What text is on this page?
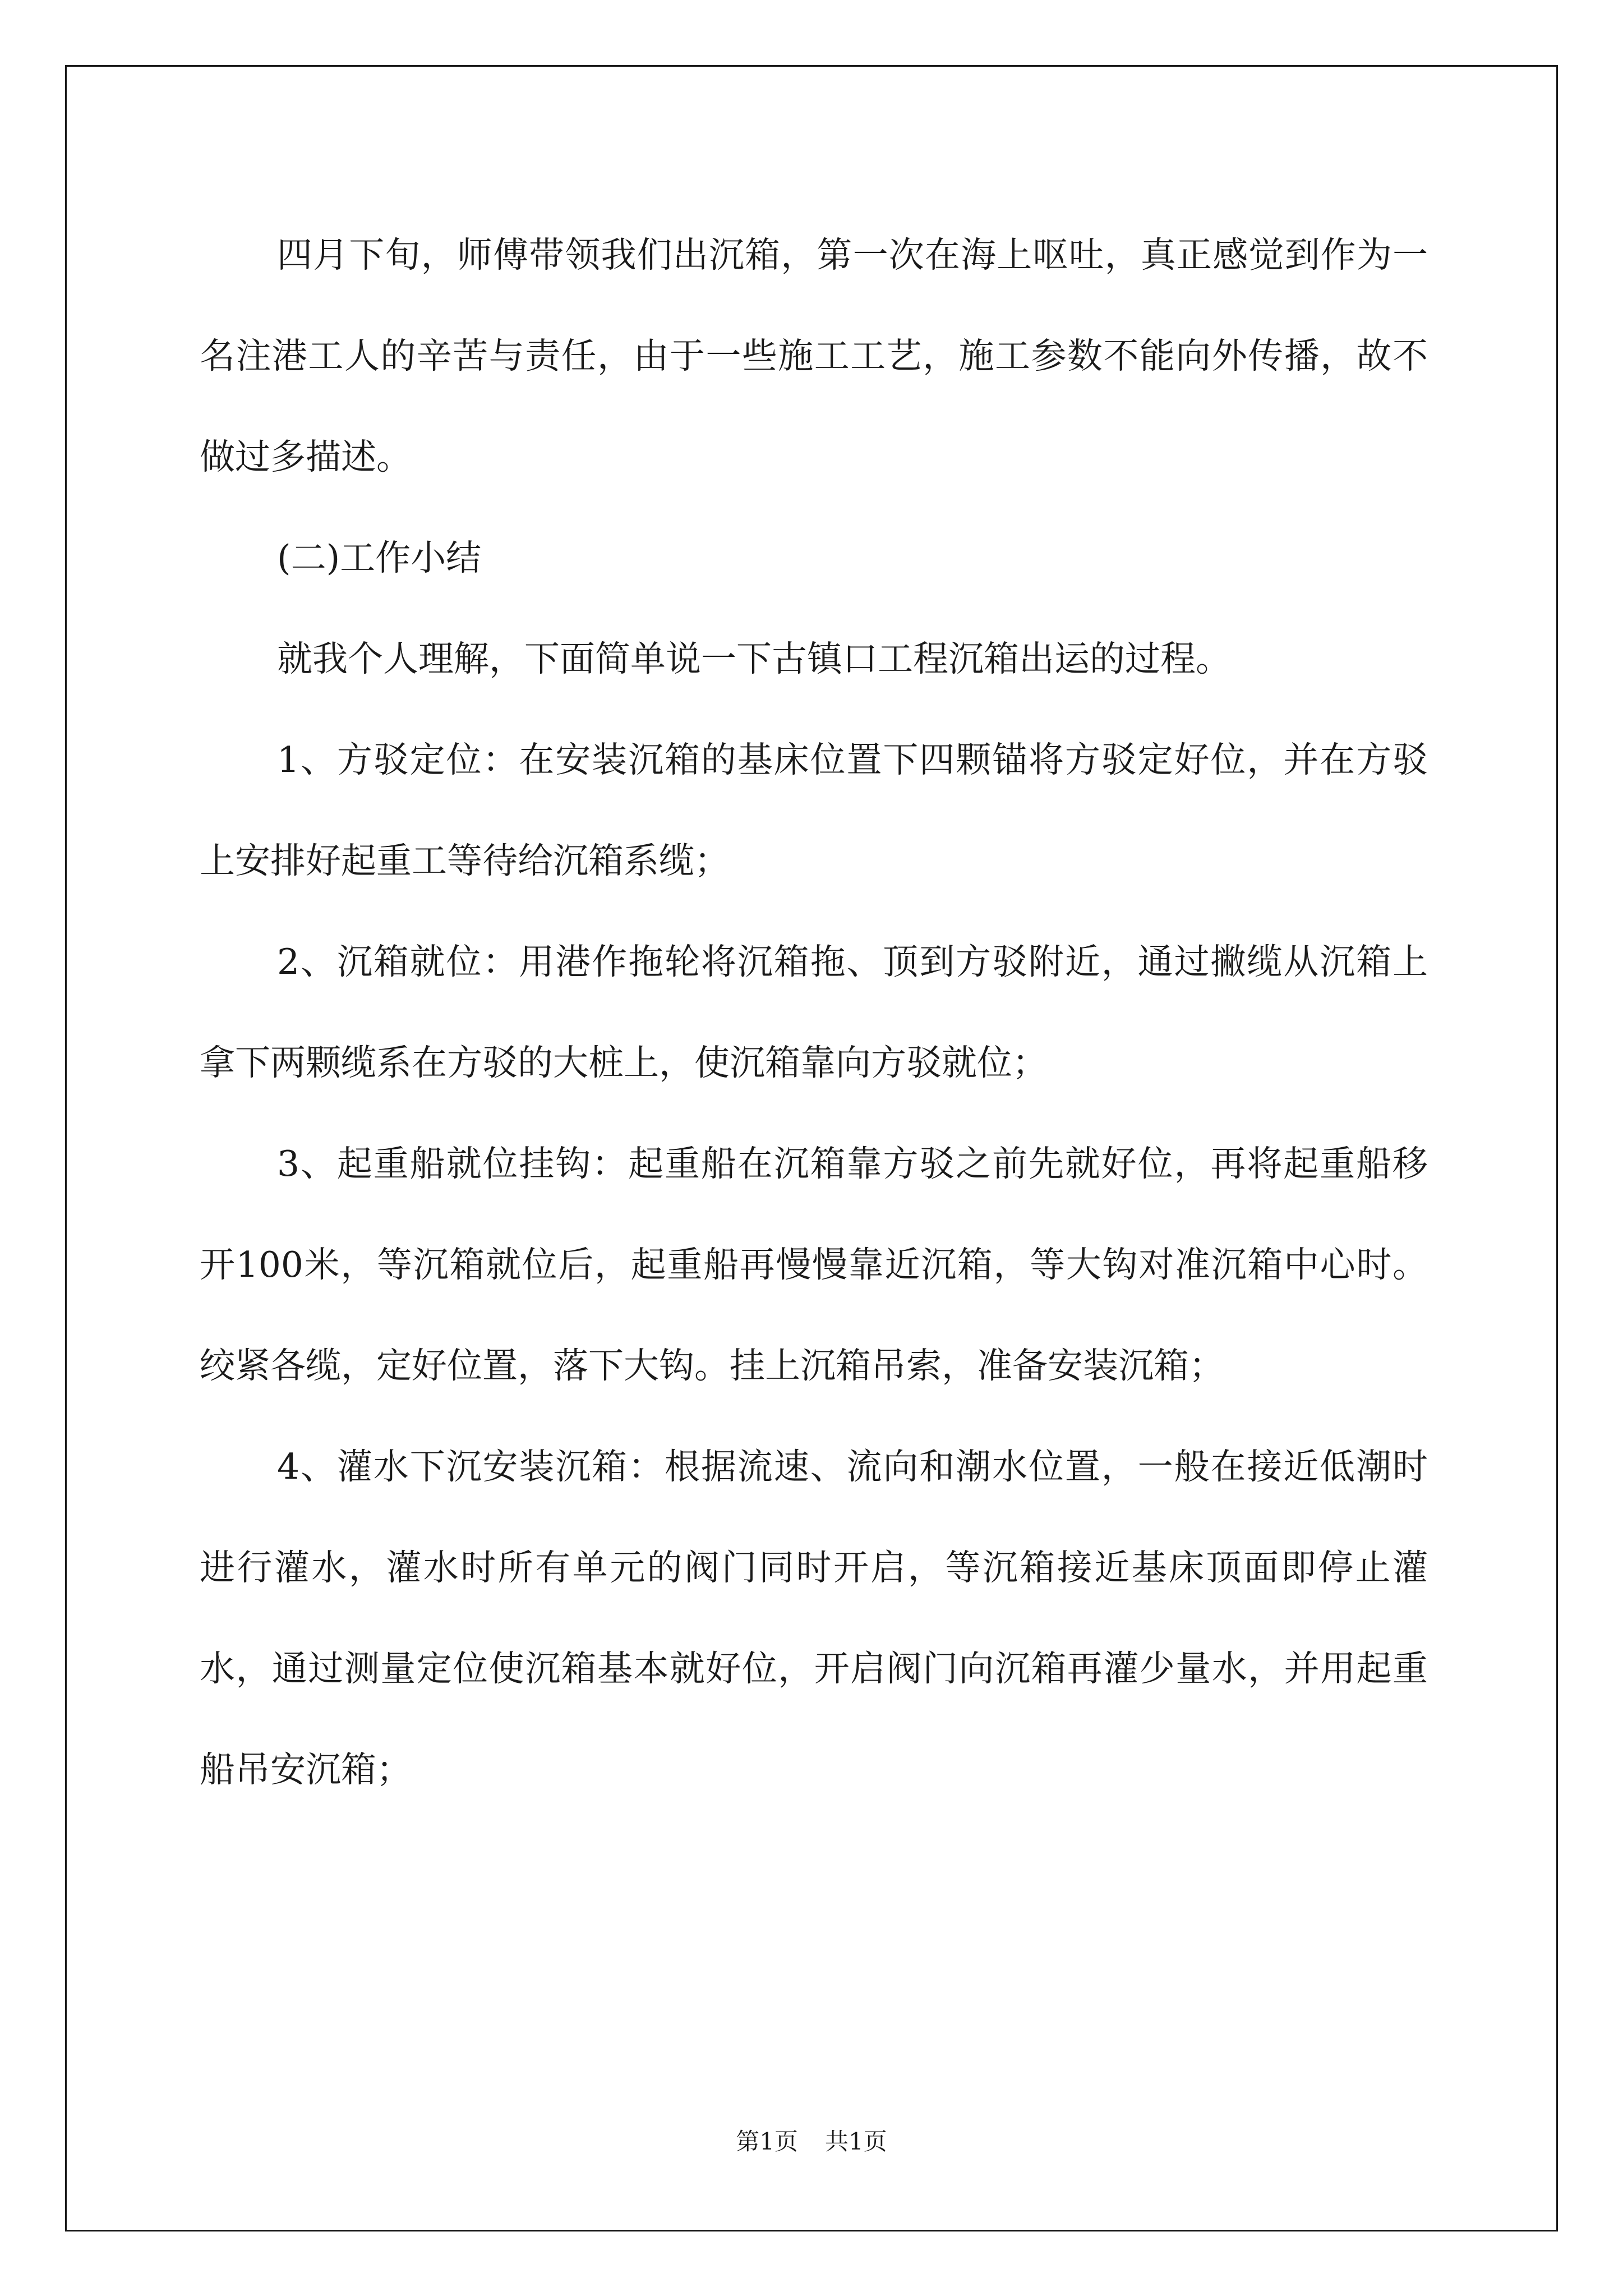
四月下旬，师傅带领我们出沉箱，第一次在海上呕吐，真正感觉到作为一名注港工人的辛苦与责任，由于一些施工工艺，施工参数不能向外传播，故不做过多描述。

(二)工作小结

就我个人理解，下面简单说一下古镇口工程沉箱出运的过程。

1、方驳定位：在安装沉箱的基床位置下四颗锚将方驳定好位，并在方驳上安排好起重工等待给沉箱系缆；

2、沉箱就位：用港作拖轮将沉箱拖、顶到方驳附近，通过撇缆从沉箱上拿下两颗缆系在方驳的大桩上，使沉箱靠向方驳就位；

3、起重船就位挂钩：起重船在沉箱靠方驳之前先就好位，再将起重船移开100米，等沉箱就位后，起重船再慢慢靠近沉箱，等大钩对准沉箱中心时。绞紧各缆，定好位置，落下大钩。挂上沉箱吊索，准备安装沉箱；

4、灌水下沉安装沉箱：根据流速、流向和潮水位置，一般在接近低潮时进行灌水，灌水时所有单元的阀门同时开启，等沉箱接近基床顶面即停止灌水，通过测量定位使沉箱基本就好位，开启阀门向沉箱再灌少量水，并用起重船吊安沉箱；

第1页 共1页
